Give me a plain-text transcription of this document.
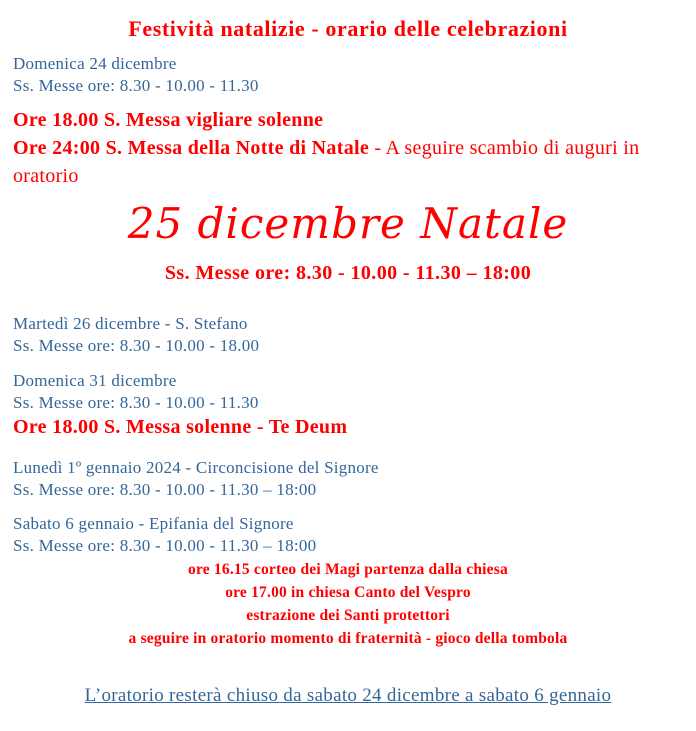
Festività natalizie - orario delle celebrazioni

Domenica 24 dicembre

Ss. Messe ore: 8.30 - 10.00 - 11.30

Ore 18.00 S. Messa vigliare solenne

Ore 24:00 S. Messa della Notte di Natale - A seguire scambio di auguri in

oratorio

25 dicembre Natale

Ss. Messe ore: 8.30 - 10.00 - 11.30 – 18:00

Martedì 26 dicembre - S. Stefano

Ss. Messe ore: 8.30 - 10.00 - 18.00

Domenica 31 dicembre

Ss. Messe ore: 8.30 - 10.00 - 11.30

Ore 18.00 S. Messa solenne - Te Deum

Lunedì 1º gennaio 2024 - Circoncisione del Signore

Ss. Messe ore: 8.30 - 10.00 - 11.30 – 18:00

Sabato 6 gennaio - Epifania del Signore

Ss. Messe ore: 8.30 - 10.00 - 11.30 – 18:00

ore 16.15 corteo dei Magi partenza dalla chiesa

ore 17.00 in chiesa Canto del Vespro

estrazione dei Santi protettori

a seguire in oratorio momento di fraternità - gioco della tombola

L’oratorio resterà chiuso da sabato 24 dicembre a sabato 6 gennaio
